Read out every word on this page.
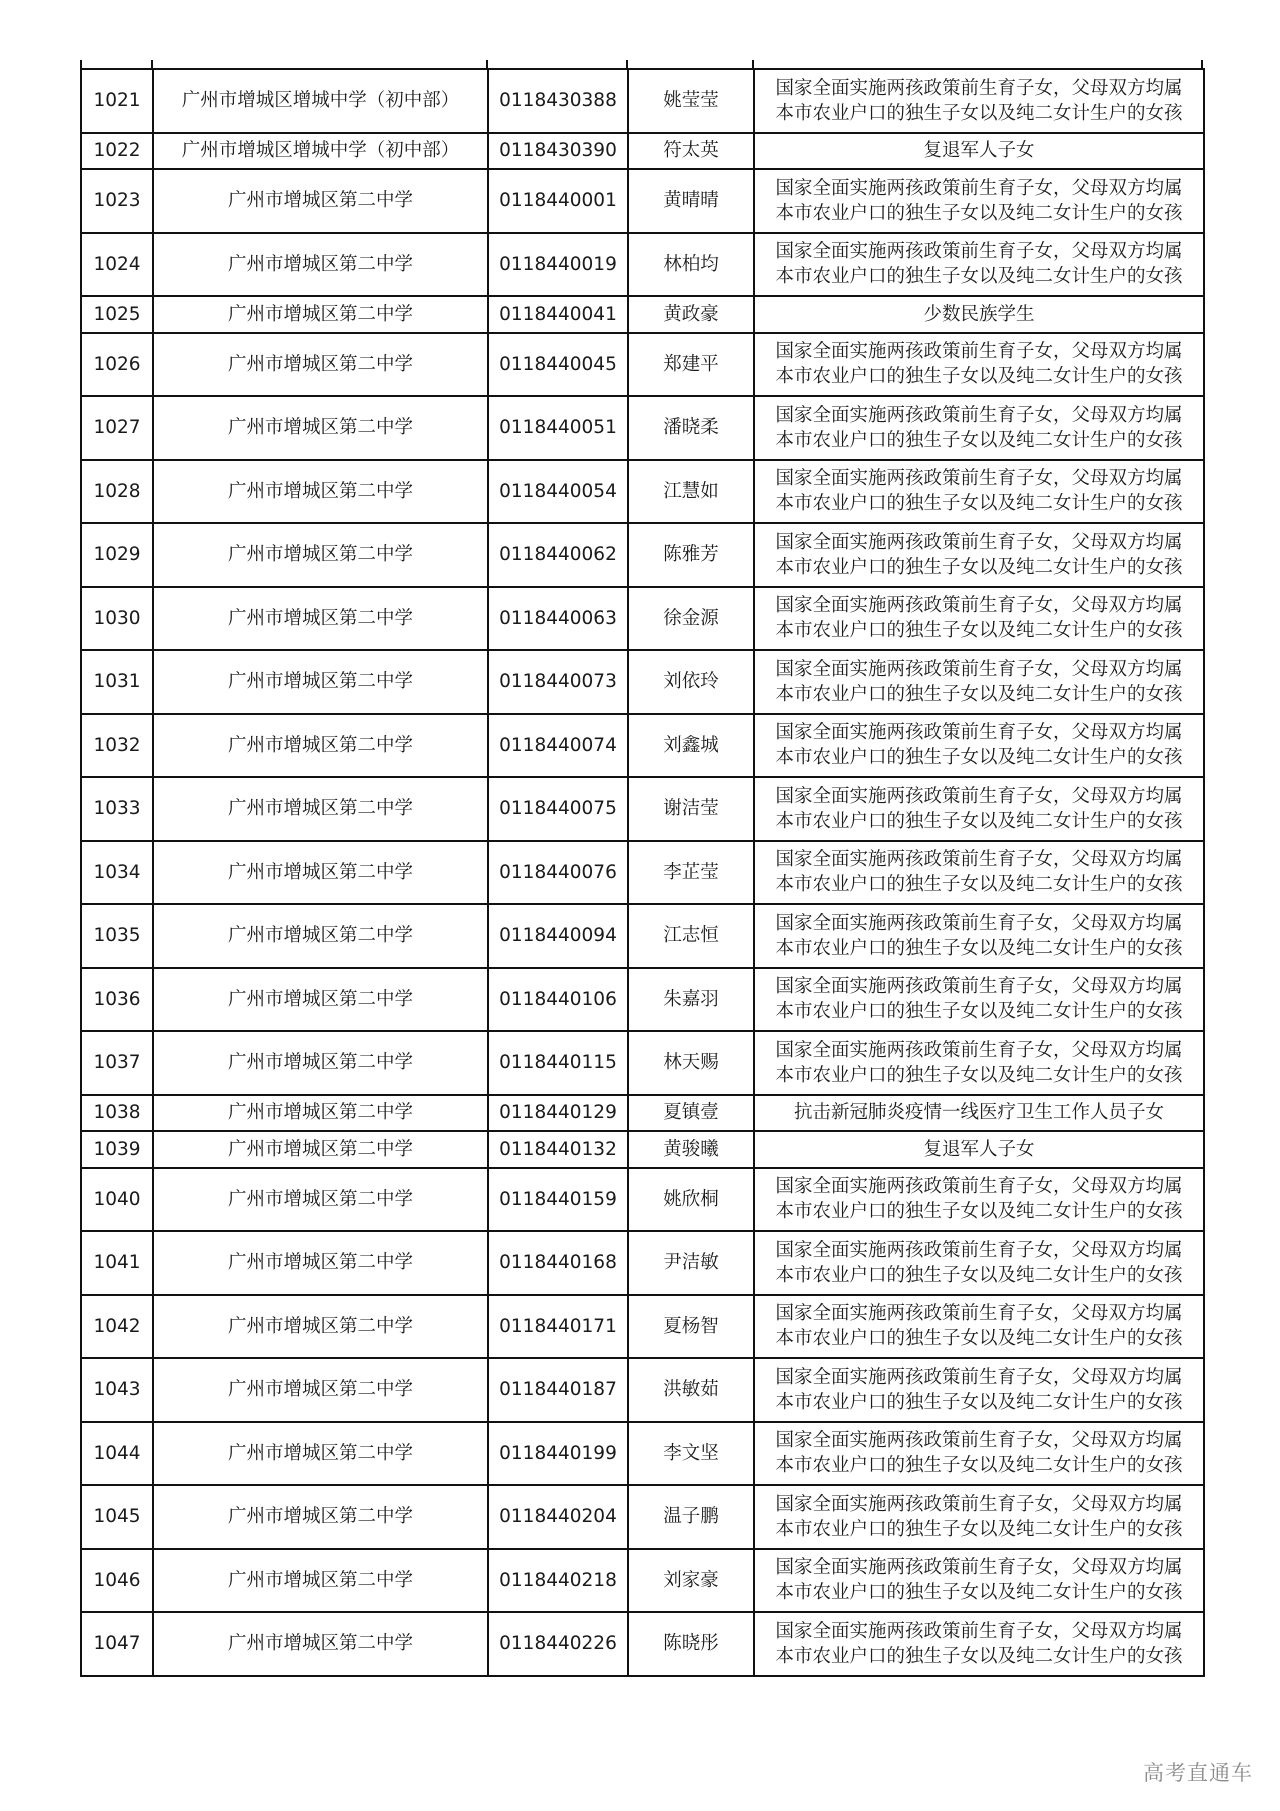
1021	广州市增城区增城中学（初中部）	0118430388	姚莹莹	国家全面实施两孩政策前生育子女，父母双方均属
本市农业户口的独生子女以及纯二女计生户的女孩

1022	广州市增城区增城中学（初中部）	0118430390	符太英	复退军人子女

1023	广州市增城区第二中学	0118440001	黄晴晴	国家全面实施两孩政策前生育子女，父母双方均属
本市农业户口的独生子女以及纯二女计生户的女孩

1024	广州市增城区第二中学	0118440019	林柏均	国家全面实施两孩政策前生育子女，父母双方均属
本市农业户口的独生子女以及纯二女计生户的女孩

1025	广州市增城区第二中学	0118440041	黄政豪	少数民族学生

1026	广州市增城区第二中学	0118440045	郑建平	国家全面实施两孩政策前生育子女，父母双方均属
本市农业户口的独生子女以及纯二女计生户的女孩

1027	广州市增城区第二中学	0118440051	潘晓柔	国家全面实施两孩政策前生育子女，父母双方均属
本市农业户口的独生子女以及纯二女计生户的女孩

1028	广州市增城区第二中学	0118440054	江慧如	国家全面实施两孩政策前生育子女，父母双方均属
本市农业户口的独生子女以及纯二女计生户的女孩

1029	广州市增城区第二中学	0118440062	陈雅芳	国家全面实施两孩政策前生育子女，父母双方均属
本市农业户口的独生子女以及纯二女计生户的女孩

1030	广州市增城区第二中学	0118440063	徐金源	国家全面实施两孩政策前生育子女，父母双方均属
本市农业户口的独生子女以及纯二女计生户的女孩

1031	广州市增城区第二中学	0118440073	刘依玲	国家全面实施两孩政策前生育子女，父母双方均属
本市农业户口的独生子女以及纯二女计生户的女孩

1032	广州市增城区第二中学	0118440074	刘鑫城	国家全面实施两孩政策前生育子女，父母双方均属
本市农业户口的独生子女以及纯二女计生户的女孩

1033	广州市增城区第二中学	0118440075	谢洁莹	国家全面实施两孩政策前生育子女，父母双方均属
本市农业户口的独生子女以及纯二女计生户的女孩

1034	广州市增城区第二中学	0118440076	李芷莹	国家全面实施两孩政策前生育子女，父母双方均属
本市农业户口的独生子女以及纯二女计生户的女孩

1035	广州市增城区第二中学	0118440094	江志恒	国家全面实施两孩政策前生育子女，父母双方均属
本市农业户口的独生子女以及纯二女计生户的女孩

1036	广州市增城区第二中学	0118440106	朱嘉羽	国家全面实施两孩政策前生育子女，父母双方均属
本市农业户口的独生子女以及纯二女计生户的女孩

1037	广州市增城区第二中学	0118440115	林天赐	国家全面实施两孩政策前生育子女，父母双方均属
本市农业户口的独生子女以及纯二女计生户的女孩

1038	广州市增城区第二中学	0118440129	夏镇壹	抗击新冠肺炎疫情一线医疗卫生工作人员子女

1039	广州市增城区第二中学	0118440132	黄骏曦	复退军人子女

1040	广州市增城区第二中学	0118440159	姚欣桐	国家全面实施两孩政策前生育子女，父母双方均属
本市农业户口的独生子女以及纯二女计生户的女孩

1041	广州市增城区第二中学	0118440168	尹洁敏	国家全面实施两孩政策前生育子女，父母双方均属
本市农业户口的独生子女以及纯二女计生户的女孩

1042	广州市增城区第二中学	0118440171	夏杨智	国家全面实施两孩政策前生育子女，父母双方均属
本市农业户口的独生子女以及纯二女计生户的女孩

1043	广州市增城区第二中学	0118440187	洪敏茹	国家全面实施两孩政策前生育子女，父母双方均属
本市农业户口的独生子女以及纯二女计生户的女孩

1044	广州市增城区第二中学	0118440199	李文坚	国家全面实施两孩政策前生育子女，父母双方均属
本市农业户口的独生子女以及纯二女计生户的女孩

1045	广州市增城区第二中学	0118440204	温子鹏	国家全面实施两孩政策前生育子女，父母双方均属
本市农业户口的独生子女以及纯二女计生户的女孩

1046	广州市增城区第二中学	0118440218	刘家豪	国家全面实施两孩政策前生育子女，父母双方均属
本市农业户口的独生子女以及纯二女计生户的女孩

1047	广州市增城区第二中学	0118440226	陈晓彤	国家全面实施两孩政策前生育子女，父母双方均属
本市农业户口的独生子女以及纯二女计生户的女孩
高考直通车
